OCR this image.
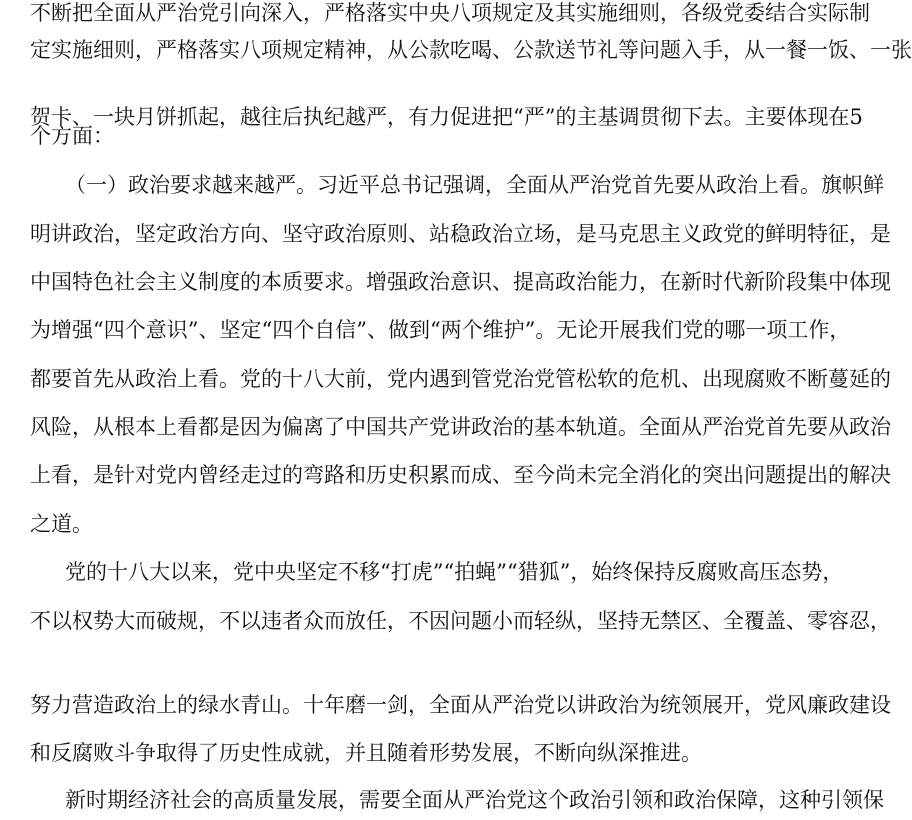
不断把全面从严治党引向深入，严格落实中央八项规定及其实施细则，各级党委结合实际制
定实施细则，严格落实八项规定精神，从公款吃喝、公款送节礼等问题入手，从一餐一饭、一张
贺卡、一块月饼抓起，越往后执纪越严，有力促进把“严”的主基调贯彻下去。主要体现在5
个方面：
（一）政治要求越来越严。习近平总书记强调，全面从严治党首先要从政治上看。旗帜鲜
明讲政治，坚定政治方向、坚守政治原则、站稳政治立场，是马克思主义政党的鲜明特征，是
中国特色社会主义制度的本质要求。增强政治意识、提高政治能力，在新时代新阶段集中体现
为增强“四个意识”、坚定“四个自信”、做到“两个维护”。无论开展我们党的哪一项工作，
都要首先从政治上看。党的十八大前，党内遇到管党治党管松软的危机、出现腐败不断蔓延的
风险，从根本上看都是因为偏离了中国共产党讲政治的基本轨道。全面从严治党首先要从政治
上看，是针对党内曾经走过的弯路和历史积累而成、至今尚未完全消化的突出问题提出的解决
之道。
党的十八大以来，党中央坚定不移“打虎”“拍蝇”“猎狐”，始终保持反腐败高压态势，
不以权势大而破规，不以违者众而放任，不因问题小而轻纵，坚持无禁区、全覆盖、零容忍，
努力营造政治上的绿水青山。十年磨一剑，全面从严治党以讲政治为统领展开，党风廉政建设
和反腐败斗争取得了历史性成就，并且随着形势发展，不断向纵深推进。
新时期经济社会的高质量发展，需要全面从严治党这个政治引领和政治保障，这种引领保
